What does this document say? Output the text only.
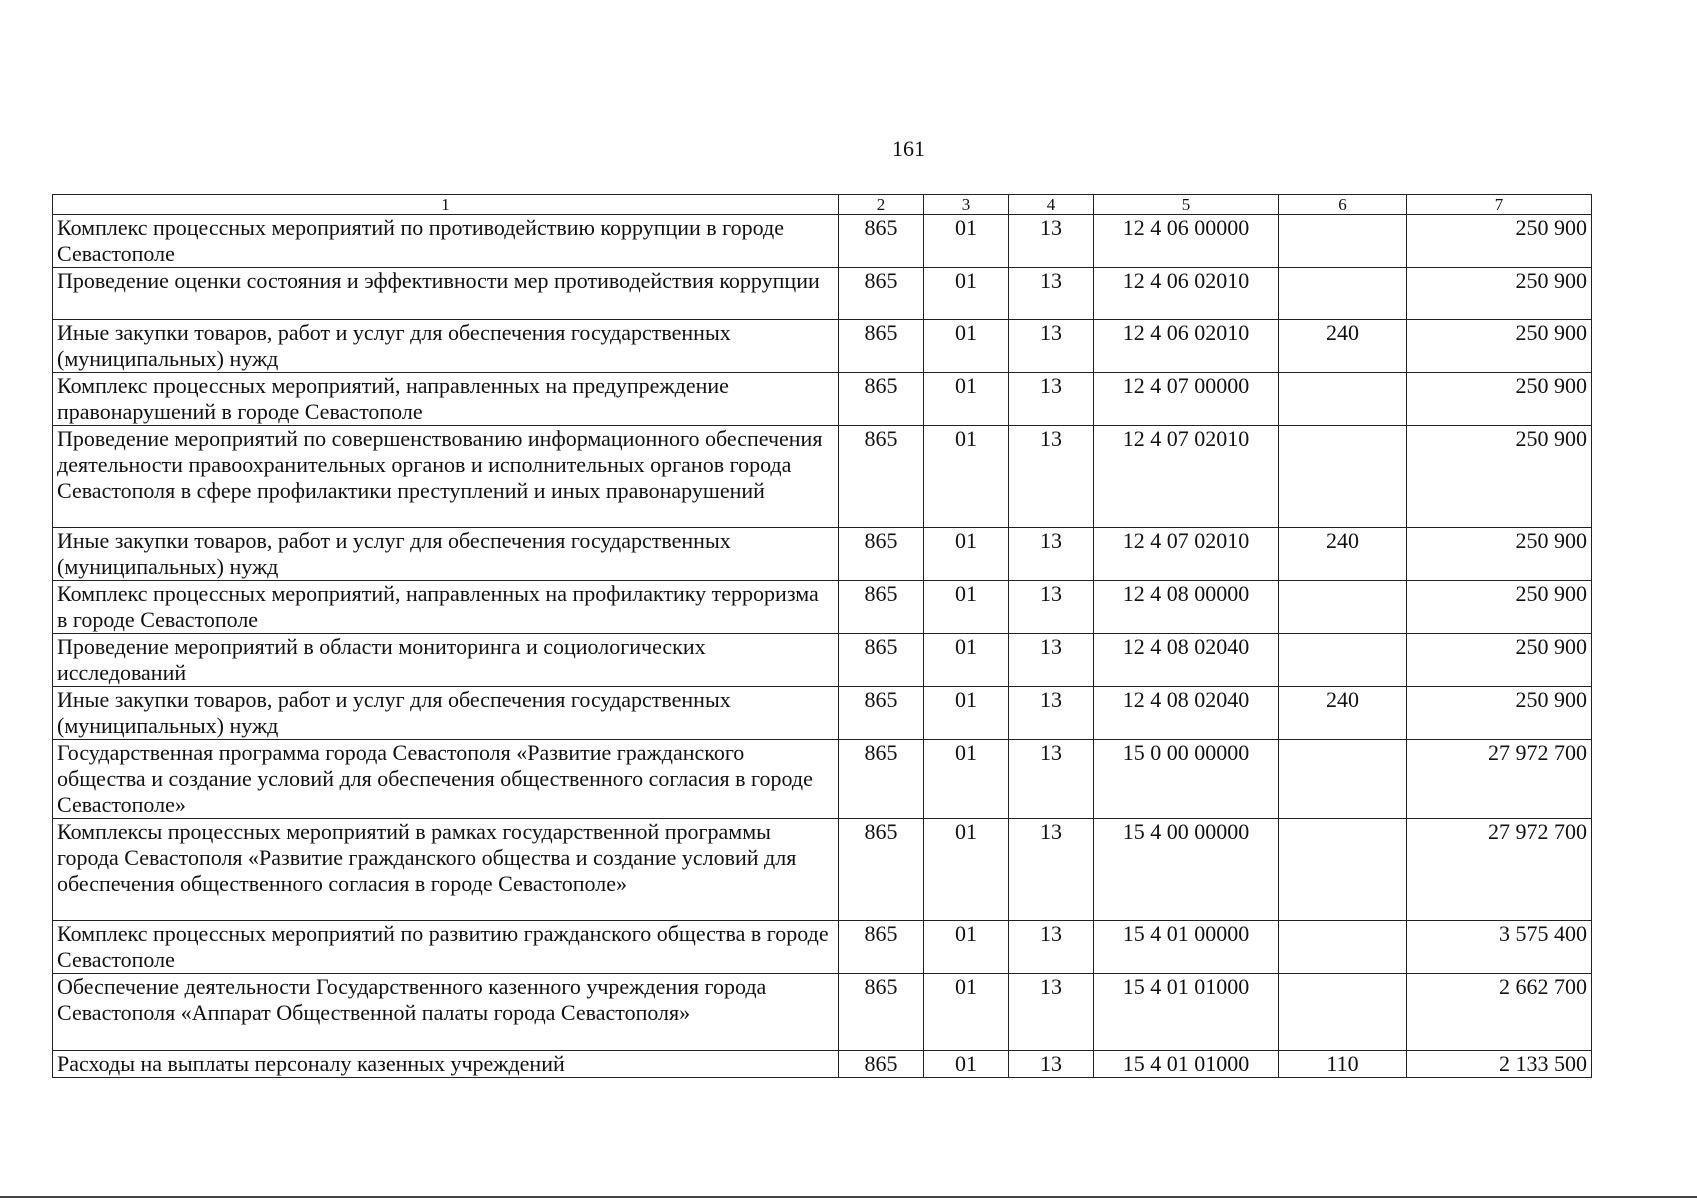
161
1	2	3	4	5	6	7
Комплекс процессных мероприятий по противодействию коррупции в городе Севастополе	865	01	13	12 4 06 00000		250 900
Проведение оценки состояния и эффективности мер противодействия коррупции	865	01	13	12 4 06 02010		250 900
Иные закупки товаров, работ и услуг для обеспечения государственных (муниципальных) нужд	865	01	13	12 4 06 02010	240	250 900
Комплекс процессных мероприятий, направленных на предупреждение правонарушений в городе Севастополе	865	01	13	12 4 07 00000		250 900
Проведение мероприятий по совершенствованию информационного обеспечения деятельности правоохранительных органов и исполнительных органов города Севастополя в сфере профилактики преступлений и иных правонарушений	865	01	13	12 4 07 02010		250 900
Иные закупки товаров, работ и услуг для обеспечения государственных (муниципальных) нужд	865	01	13	12 4 07 02010	240	250 900
Комплекс процессных мероприятий, направленных на профилактику терроризма в городе Севастополе	865	01	13	12 4 08 00000		250 900
Проведение мероприятий в области мониторинга и социологических исследований	865	01	13	12 4 08 02040		250 900
Иные закупки товаров, работ и услуг для обеспечения государственных (муниципальных) нужд	865	01	13	12 4 08 02040	240	250 900
Государственная программа города Севастополя «Развитие гражданского общества и создание условий для обеспечения общественного согласия в городе Севастополе»	865	01	13	15 0 00 00000		27 972 700
Комплексы процессных мероприятий в рамках государственной программы города Севастополя «Развитие гражданского общества и создание условий для обеспечения общественного согласия в городе Севастополе»	865	01	13	15 4 00 00000		27 972 700
Комплекс процессных мероприятий по развитию гражданского общества в городе Севастополе	865	01	13	15 4 01 00000		3 575 400
Обеспечение деятельности Государственного казенного учреждения города Севастополя «Аппарат Общественной палаты города Севастополя»	865	01	13	15 4 01 01000		2 662 700
Расходы на выплаты персоналу казенных учреждений	865	01	13	15 4 01 01000	110	2 133 500
